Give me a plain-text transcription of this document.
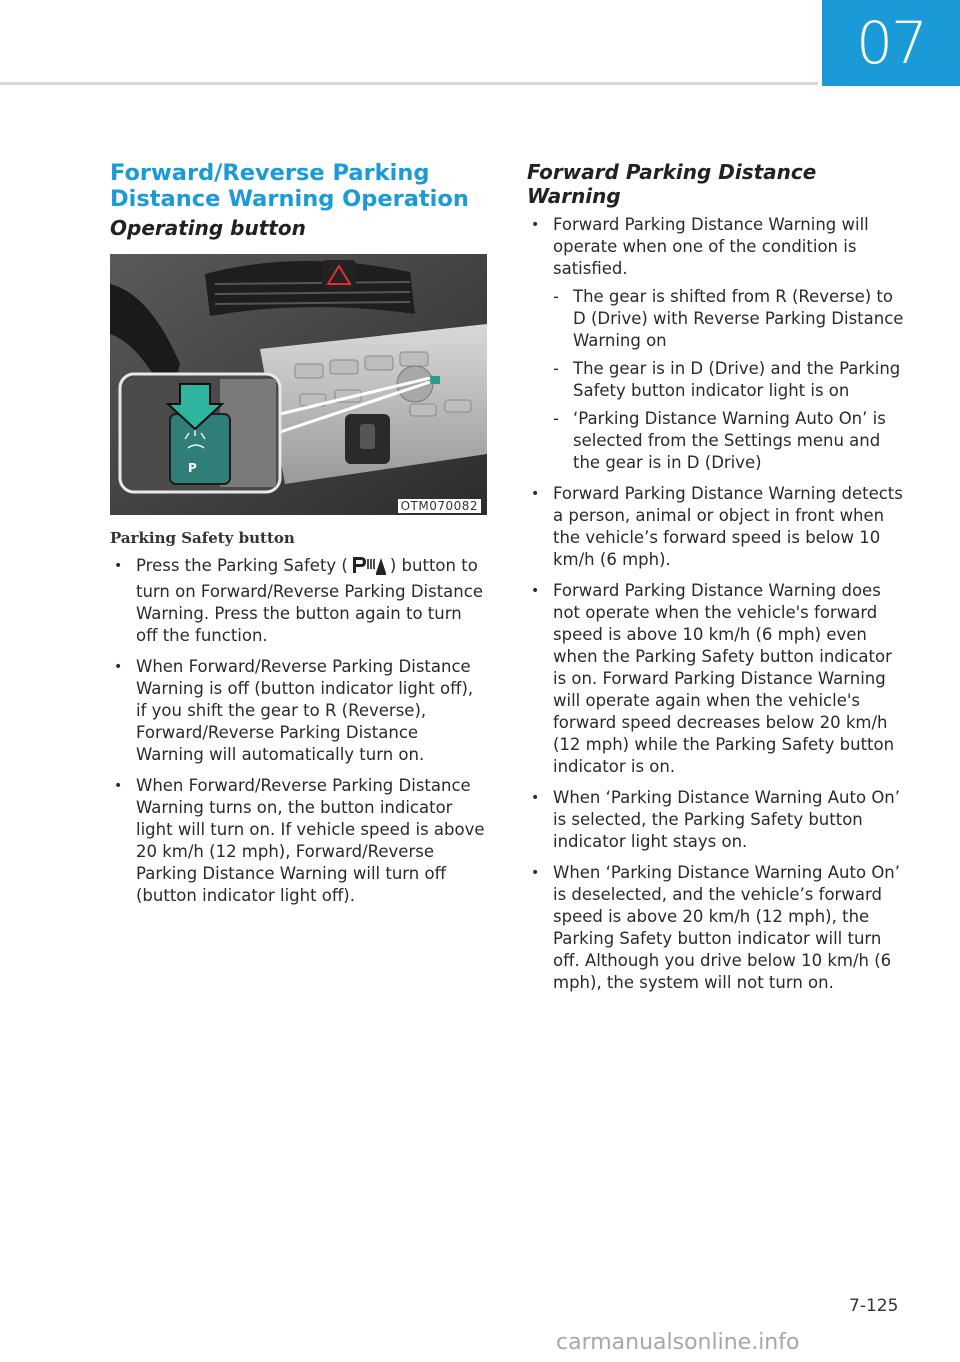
07
Forward/Reverse Parking Distance Warning Operation
Operating button
P
OTM070082
Parking Safety button
• Press the Parking Safety (	) button to turn on Forward/Reverse Parking Distance Warning. Press the button again to turn off the function.
• When Forward/Reverse Parking Distance Warning is off (button indicator light off), if you shift the gear to R (Reverse), Forward/Reverse Parking Distance Warning will automatically turn on.
• When Forward/Reverse Parking Distance Warning turns on, the button indicator light will turn on. If vehicle speed is above 20 km/h (12 mph), Forward/Reverse Parking Distance Warning will turn off (button indicator light off).
Forward Parking Distance Warning
• Forward Parking Distance Warning will operate when one of the condition is satisfied.
- The gear is shifted from R (Reverse) to D (Drive) with Reverse Parking Distance Warning on
- The gear is in D (Drive) and the Parking Safety button indicator light is on
- ‘Parking Distance Warning Auto On’ is selected from the Settings menu and the gear is in D (Drive)
• Forward Parking Distance Warning detects a person, animal or object in front when the vehicle’s forward speed is below 10 km/h (6 mph).
• Forward Parking Distance Warning does not operate when the vehicle's forward speed is above 10 km/h (6 mph) even when the Parking Safety button indicator is on. Forward Parking Distance Warning will operate again when the vehicle's forward speed decreases below 20 km/h (12 mph) while the Parking Safety button indicator is on.
• When ‘Parking Distance Warning Auto On’ is selected, the Parking Safety button indicator light stays on.
• When ‘Parking Distance Warning Auto On’ is deselected, and the vehicle’s forward speed is above 20 km/h (12 mph), the Parking Safety button indicator will turn off. Although you drive below 10 km/h (6 mph), the system will not turn on.
7-125
carmanualsonline.info
